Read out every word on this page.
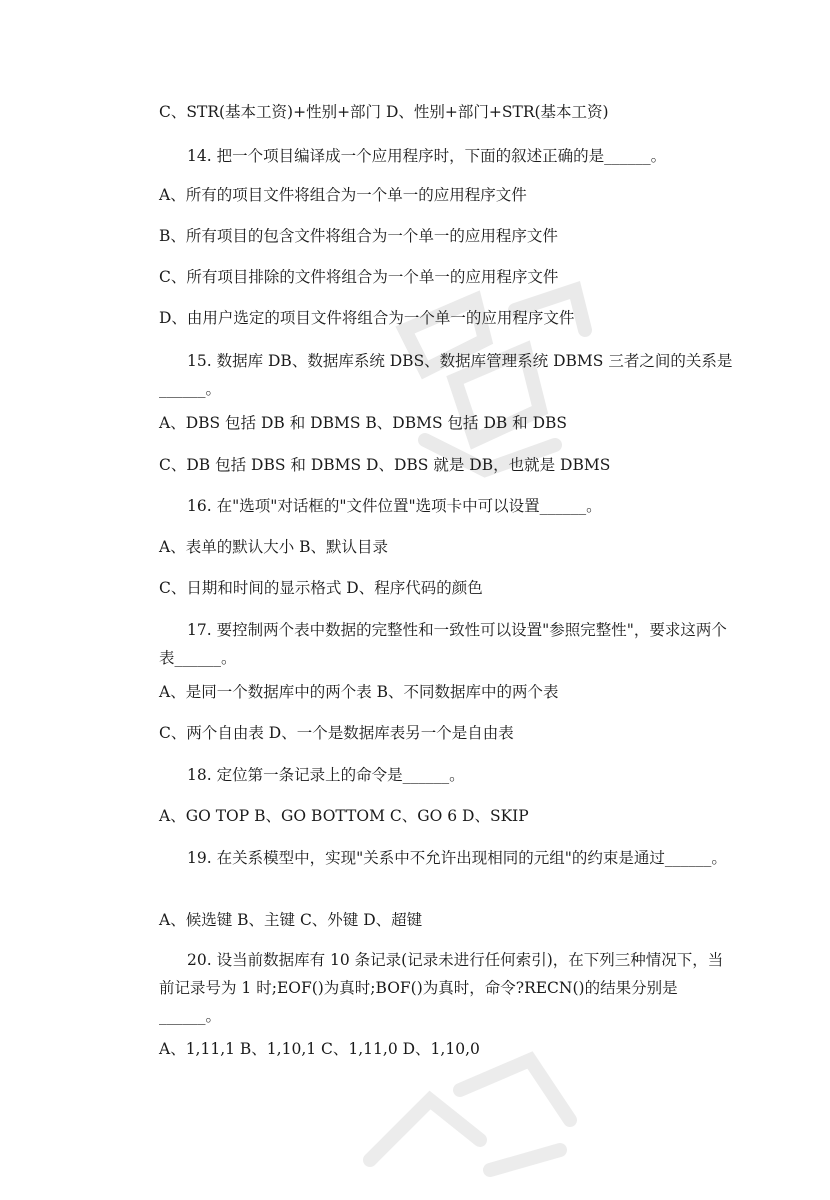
C、STR(基本工资)+性别+部门 D、性别+部门+STR(基本工资)
14. 把一个项目编译成一个应用程序时，下面的叙述正确的是______。
A、所有的项目文件将组合为一个单一的应用程序文件
B、所有项目的包含文件将组合为一个单一的应用程序文件
C、所有项目排除的文件将组合为一个单一的应用程序文件
D、由用户选定的项目文件将组合为一个单一的应用程序文件
15. 数据库 DB、数据库系统 DBS、数据库管理系统 DBMS 三者之间的关系是______。
A、DBS 包括 DB 和 DBMS B、DBMS 包括 DB 和 DBS
C、DB 包括 DBS 和 DBMS D、DBS 就是 DB，也就是 DBMS
16. 在"选项"对话框的"文件位置"选项卡中可以设置______。
A、表单的默认大小 B、默认目录
C、日期和时间的显示格式 D、程序代码的颜色
17. 要控制两个表中数据的完整性和一致性可以设置"参照完整性"，要求这两个表______。
A、是同一个数据库中的两个表 B、不同数据库中的两个表
C、两个自由表 D、一个是数据库表另一个是自由表
18. 定位第一条记录上的命令是______。
A、GO TOP B、GO BOTTOM C、GO 6 D、SKIP
19. 在关系模型中，实现"关系中不允许出现相同的元组"的约束是通过______。
A、候选键 B、主键 C、外键 D、超键
20. 设当前数据库有 10 条记录(记录未进行任何索引)，在下列三种情况下，当前记录号为 1 时;EOF()为真时;BOF()为真时，命令?RECN()的结果分别是______。
A、1,11,1 B、1,10,1 C、1,11,0 D、1,10,0
